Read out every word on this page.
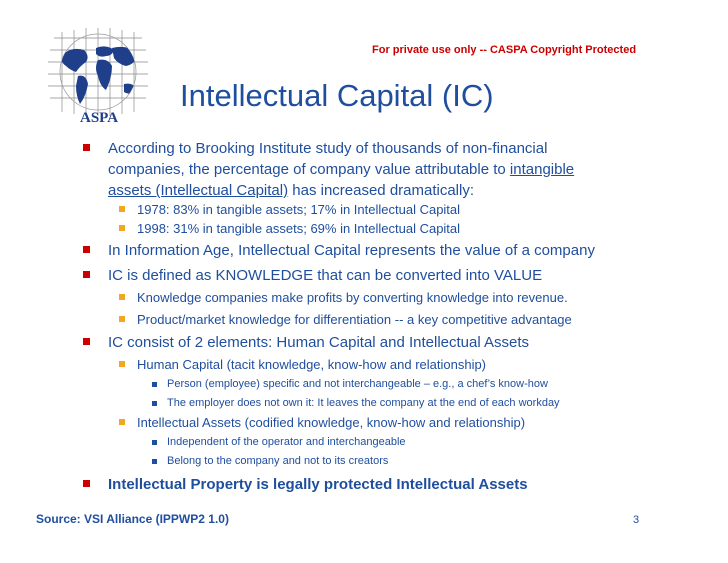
For private use only -- CASPA Copyright Protected
ASPA
Intellectual Capital (IC)
According to Brooking Institute study of thousands of non-financial
companies, the percentage of company value attributable to intangible
assets (Intellectual Capital) has increased dramatically:
1978: 83% in tangible assets; 17% in Intellectual Capital
1998: 31% in tangible assets; 69% in Intellectual Capital
In Information Age, Intellectual Capital represents the value of a company
IC is defined as KNOWLEDGE that can be converted into VALUE
Knowledge companies make profits by converting knowledge into revenue.
Product/market knowledge for differentiation -- a key competitive advantage
IC consist of 2 elements: Human Capital and Intellectual Assets
Human Capital (tacit knowledge, know-how and relationship)
Person (employee) specific and not interchangeable – e.g., a chef’s know-how
The employer does not own it: It leaves the company at the end of each workday
Intellectual Assets (codified knowledge, know-how and relationship)
Independent of the operator and interchangeable
Belong to the company and not to its creators
Intellectual Property is legally protected Intellectual Assets
Source: VSI Alliance (IPPWP2 1.0)	3
